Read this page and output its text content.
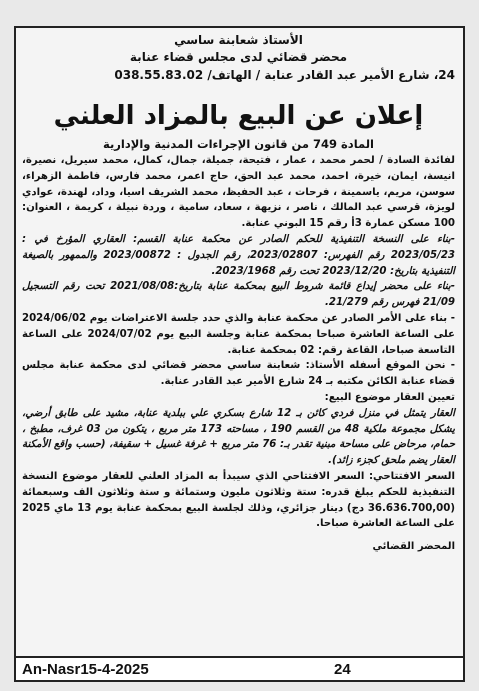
الأستاذ شعابنة ساسي
محضر قضائي لدى مجلس قضاء عنابة
24، شارع الأمير عبد القادر عنابة / الهاتف/ 038.55.83.02
إعلان عن البيع بالمزاد العلني
المادة 749 من قانون الإجراءات المدنية والإدارية

لفائدة السادة / لحمر محمد ، عمار ، فتيحة، جميلة، جمال، كمال، محمد سيريل، نصيرة، انيسة، ايمان، خيرة، احمد، محمد عبد الحق، حاج اعمر، محمد فارس، فاطمة الزهراء، سوسن، مريم، ياسمينة ، فرحات ، عبد الحفيظ، محمد الشريف اسيا، وداد، لهندة، عوادي لويزة، قرسي عبد المالك ، ناصر ، نزيهة ، سعاد، سامية ، وردة نبيلة ، كريمة ، العنوان: 100 مسكن عمارة 3أ رقم 15 البوني عنابة.

-بناء على النسخة التنفيذية للحكم الصادر عن محكمة عنابة القسم: العقاري المؤرخ في : 2023/05/23 رقم الفهرس: 2023/02807، رقم الجدول : 2023/00872 والممهور بالصيغة التنفيذية بتاريخ: 2023/12/20 تحت رقم 2023/1968.

-بناء على محضر إيداع قائمة شروط البيع بمحكمة عنابة بتاريخ:2021/08/08 تحت رقم التسجيل 21/09 فهرس رقم 21/279.

- بناء على الأمر الصادر عن محكمة عنابة والذي حدد جلسة الاعتراضات يوم 2024/06/02 على الساعة العاشرة صباحا بمحكمة عنابة وجلسة البيع يوم 2024/07/02 على الساعة التاسعة صباحا، القاعة رقم: 02 بمحكمة عنابة.

- نحن الموقع أسفله الأستاذ: شعابنة ساسي محضر قضائي لدى محكمة عنابة مجلس قضاء عنابة الكائن مكتبه بـ 24 شارع الأمير عبد القادر عنابة.

تعيين العقار موضوع البيع:

العقار يتمثل في منزل فردي كائن بـ 12 شارع بسكري علي ببلدية عنابة، مشيد على طابق أرضي، يشكل مجموعة ملكية 48 من القسم 190 ، مساحته 173 متر مربع ، يتكون من 03 غرف، مطبخ ، حمام، مرحاض على مساحة مبنية تقدر بـ: 76 متر مربع + غرفة غسيل + سقيفة، (حسب واقع الأمكنة العقار يضم ملحق كجزء زائد).

السعر الافتتاحي: السعر الافتتاحي الذي سيبدأ به المزاد العلني للعقار موضوع النسخة التنفيذية للحكم يبلغ قدره: ستة وثلاثون مليون وستمائة و ستة وثلاثون الف وسبعمائة (36.636.700,00 دج) دينار جزائري، وذلك لجلسة البيع بمحكمة عنابة يوم 13 ماي 2025 على الساعة العاشرة صباحا.

المحضر القضائي
An-Nasr15-4-2025	24
